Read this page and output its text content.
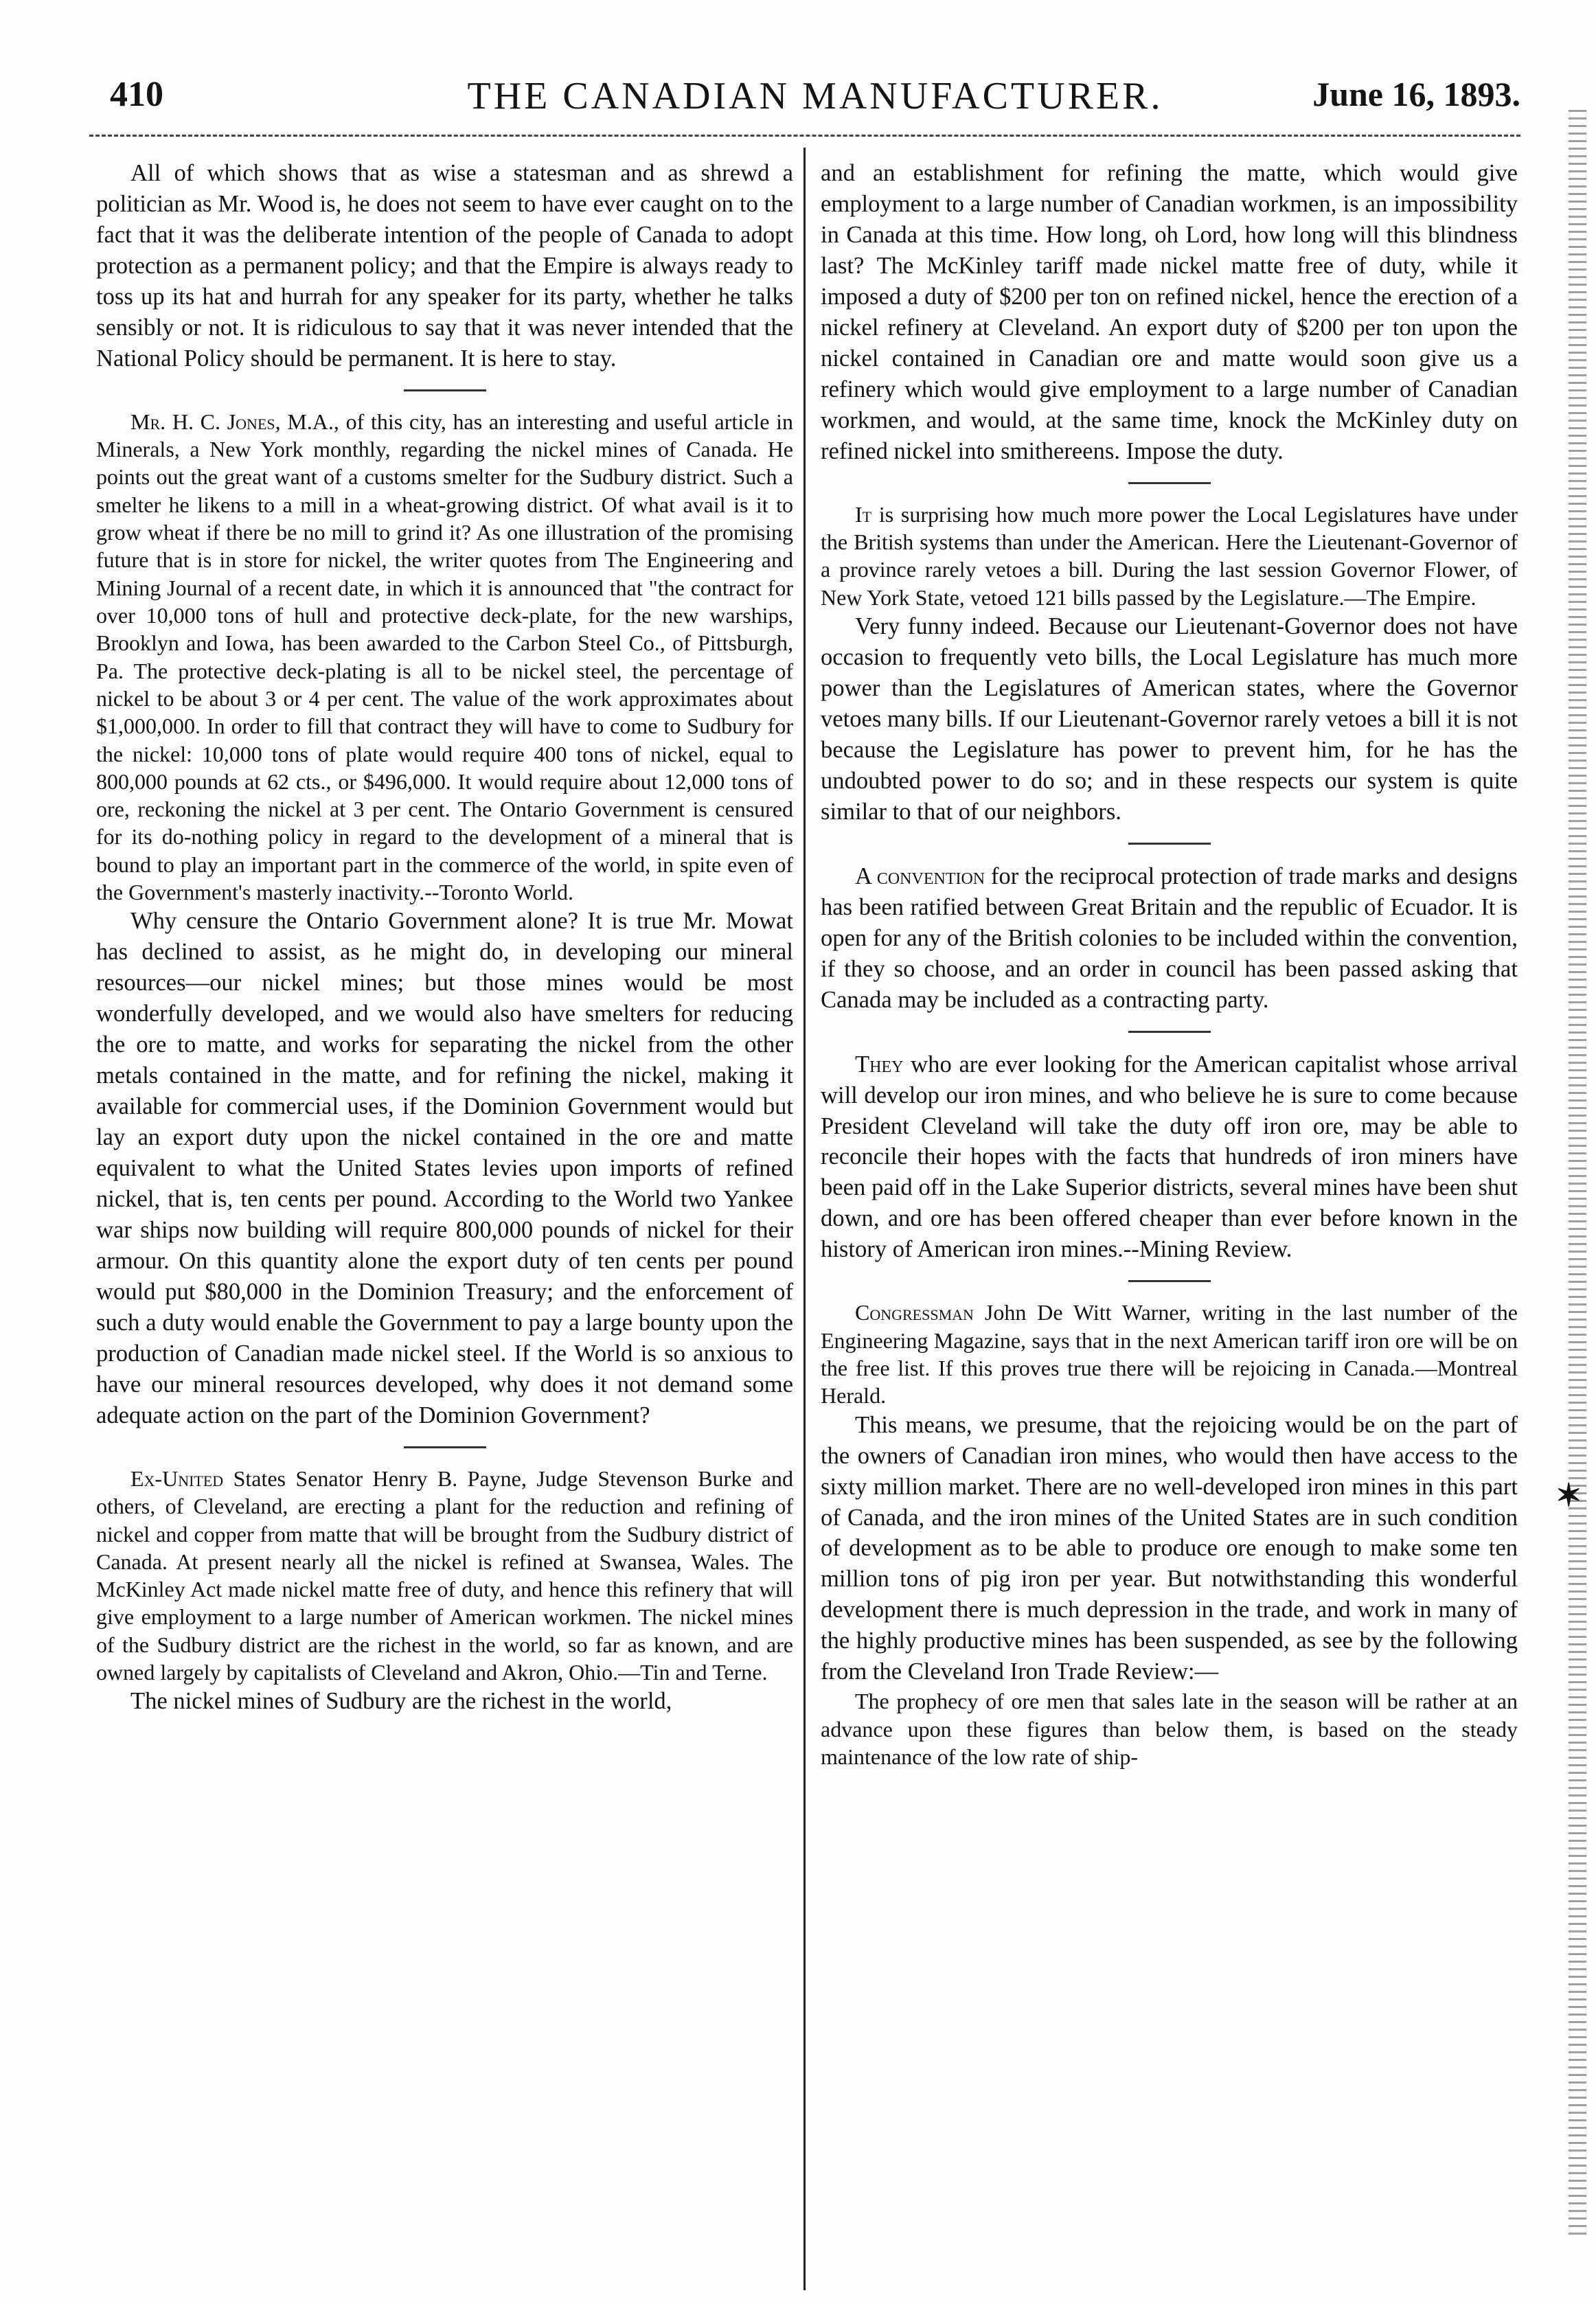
410	THE CANADIAN MANUFACTURER.	June 16, 1893.

All of which shows that as wise a statesman and as shrewd a politician as Mr. Wood is, he does not seem to have ever caught on to the fact that it was the deliberate intention of the people of Canada to adopt protection as a permanent policy; and that the Empire is always ready to toss up its hat and hurrah for any speaker for its party, whether he talks sensibly or not. It is ridiculous to say that it was never intended that the National Policy should be permanent. It is here to stay.

Mr. H. C. Jones, M.A., of this city, has an interesting and useful article in Minerals, a New York monthly, regarding the nickel mines of Canada. He points out the great want of a customs smelter for the Sudbury district. Such a smelter he likens to a mill in a wheat-growing district. Of what avail is it to grow wheat if there be no mill to grind it? As one illustration of the promising future that is in store for nickel, the writer quotes from The Engineering and Mining Journal of a recent date, in which it is announced that "the contract for over 10,000 tons of hull and protective deck-plate, for the new warships, Brooklyn and Iowa, has been awarded to the Carbon Steel Co., of Pittsburgh, Pa. The protective deck-plating is all to be nickel steel, the percentage of nickel to be about 3 or 4 per cent. The value of the work approximates about $1,000,000. In order to fill that contract they will have to come to Sudbury for the nickel: 10,000 tons of plate would require 400 tons of nickel, equal to 800,000 pounds at 62 cts., or $496,000. It would require about 12,000 tons of ore, reckoning the nickel at 3 per cent. The Ontario Government is censured for its do-nothing policy in regard to the development of a mineral that is bound to play an important part in the commerce of the world, in spite even of the Government's masterly inactivity.--Toronto World.

Why censure the Ontario Government alone? It is true Mr. Mowat has declined to assist, as he might do, in developing our mineral resources—our nickel mines; but those mines would be most wonderfully developed, and we would also have smelters for reducing the ore to matte, and works for separating the nickel from the other metals contained in the matte, and for refining the nickel, making it available for commercial uses, if the Dominion Government would but lay an export duty upon the nickel contained in the ore and matte equivalent to what the United States levies upon imports of refined nickel, that is, ten cents per pound. According to the World two Yankee war ships now building will require 800,000 pounds of nickel for their armour. On this quantity alone the export duty of ten cents per pound would put $80,000 in the Dominion Treasury; and the enforcement of such a duty would enable the Government to pay a large bounty upon the production of Canadian made nickel steel. If the World is so anxious to have our mineral resources developed, why does it not demand some adequate action on the part of the Dominion Government?

Ex-United States Senator Henry B. Payne, Judge Stevenson Burke and others, of Cleveland, are erecting a plant for the reduction and refining of nickel and copper from matte that will be brought from the Sudbury district of Canada. At present nearly all the nickel is refined at Swansea, Wales. The McKinley Act made nickel matte free of duty, and hence this refinery that will give employment to a large number of American workmen. The nickel mines of the Sudbury district are the richest in the world, so far as known, and are owned largely by capitalists of Cleveland and Akron, Ohio.—Tin and Terne.

The nickel mines of Sudbury are the richest in the world,

and an establishment for refining the matte, which would give employment to a large number of Canadian workmen, is an impossibility in Canada at this time. How long, oh Lord, how long will this blindness last? The McKinley tariff made nickel matte free of duty, while it imposed a duty of $200 per ton on refined nickel, hence the erection of a nickel refinery at Cleveland. An export duty of $200 per ton upon the nickel contained in Canadian ore and matte would soon give us a refinery which would give employment to a large number of Canadian workmen, and would, at the same time, knock the McKinley duty on refined nickel into smithereens. Impose the duty.

It is surprising how much more power the Local Legislatures have under the British systems than under the American. Here the Lieutenant-Governor of a province rarely vetoes a bill. During the last session Governor Flower, of New York State, vetoed 121 bills passed by the Legislature.—The Empire.

Very funny indeed. Because our Lieutenant-Governor does not have occasion to frequently veto bills, the Local Legislature has much more power than the Legislatures of American states, where the Governor vetoes many bills. If our Lieutenant-Governor rarely vetoes a bill it is not because the Legislature has power to prevent him, for he has the undoubted power to do so; and in these respects our system is quite similar to that of our neighbors.

A convention for the reciprocal protection of trade marks and designs has been ratified between Great Britain and the republic of Ecuador. It is open for any of the British colonies to be included within the convention, if they so choose, and an order in council has been passed asking that Canada may be included as a contracting party.

They who are ever looking for the American capitalist whose arrival will develop our iron mines, and who believe he is sure to come because President Cleveland will take the duty off iron ore, may be able to reconcile their hopes with the facts that hundreds of iron miners have been paid off in the Lake Superior districts, several mines have been shut down, and ore has been offered cheaper than ever before known in the history of American iron mines.--Mining Review.

Congressman John De Witt Warner, writing in the last number of the Engineering Magazine, says that in the next American tariff iron ore will be on the free list. If this proves true there will be rejoicing in Canada.—Montreal Herald.

This means, we presume, that the rejoicing would be on the part of the owners of Canadian iron mines, who would then have access to the sixty million market. There are no well-developed iron mines in this part of Canada, and the iron mines of the United States are in such condition of development as to be able to produce ore enough to make some ten million tons of pig iron per year. But notwithstanding this wonderful development there is much depression in the trade, and work in many of the highly productive mines has been suspended, as see by the following from the Cleveland Iron Trade Review:—

The prophecy of ore men that sales late in the season will be rather at an advance upon these figures than below them, is based on the steady maintenance of the low rate of ship-

✶
